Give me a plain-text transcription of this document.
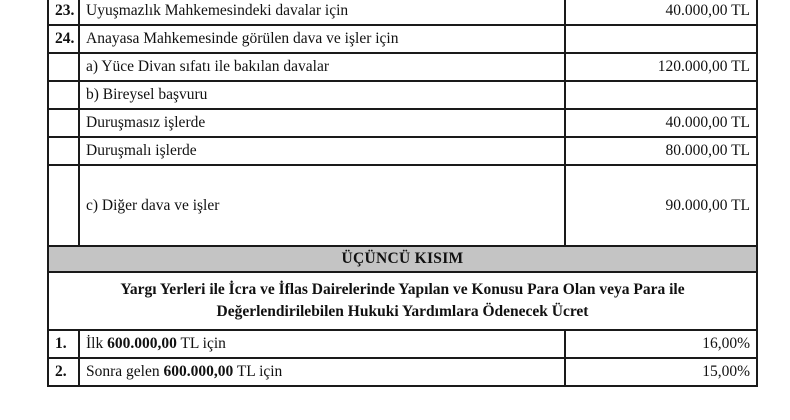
23.	Uyuşmazlık Mahkemesindeki davalar için	40.000,00 TL
24.	Anayasa Mahkemesinde görülen dava ve işler için	
	a) Yüce Divan sıfatı ile bakılan davalar	120.000,00 TL
	b) Bireysel başvuru	
	Duruşmasız işlerde	40.000,00 TL
	Duruşmalı işlerde	80.000,00 TL
	c) Diğer dava ve işler	90.000,00 TL
ÜÇÜNCÜ KISIM		

Yargı Yerleri ile İcra ve İflas Dairelerinde Yapılan ve Konusu Para Olan veya Para ile
Değerlendirilebilen Hukuki Yardımlara Ödenecek Ücret		

1.	İlk 600.000,00 TL için	16,00%
2.	Sonra gelen 600.000,00 TL için	15,00%
